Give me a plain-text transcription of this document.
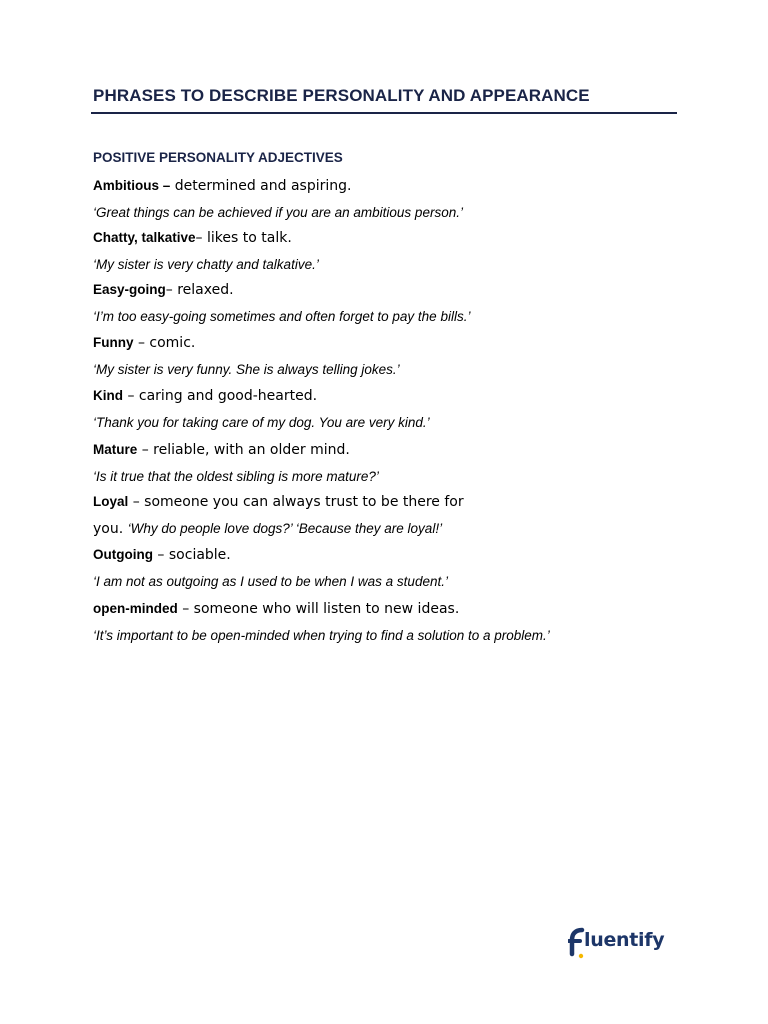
PHRASES TO DESCRIBE PERSONALITY AND APPEARANCE
POSITIVE PERSONALITY ADJECTIVES
Ambitious – determined and aspiring.
‘Great things can be achieved if you are an ambitious person.’
Chatty, talkative– likes to talk.
‘My sister is very chatty and talkative.’
Easy-going– relaxed.
‘I’m too easy-going sometimes and often forget to pay the bills.’
Funny – comic.
‘My sister is very funny. She is always telling jokes.’
Kind – caring and good-hearted.
‘Thank you for taking care of my dog. You are very kind.’
Mature – reliable, with an older mind.
‘Is it true that the oldest sibling is more mature?’
Loyal – someone you can always trust to be there for
you. ‘Why do people love dogs?’ ‘Because they are loyal!’
Outgoing – sociable.
‘I am not as outgoing as I used to be when I was a student.’
open-minded – someone who will listen to new ideas.
‘It’s important to be open-minded when trying to find a solution to a problem.’
luentify
